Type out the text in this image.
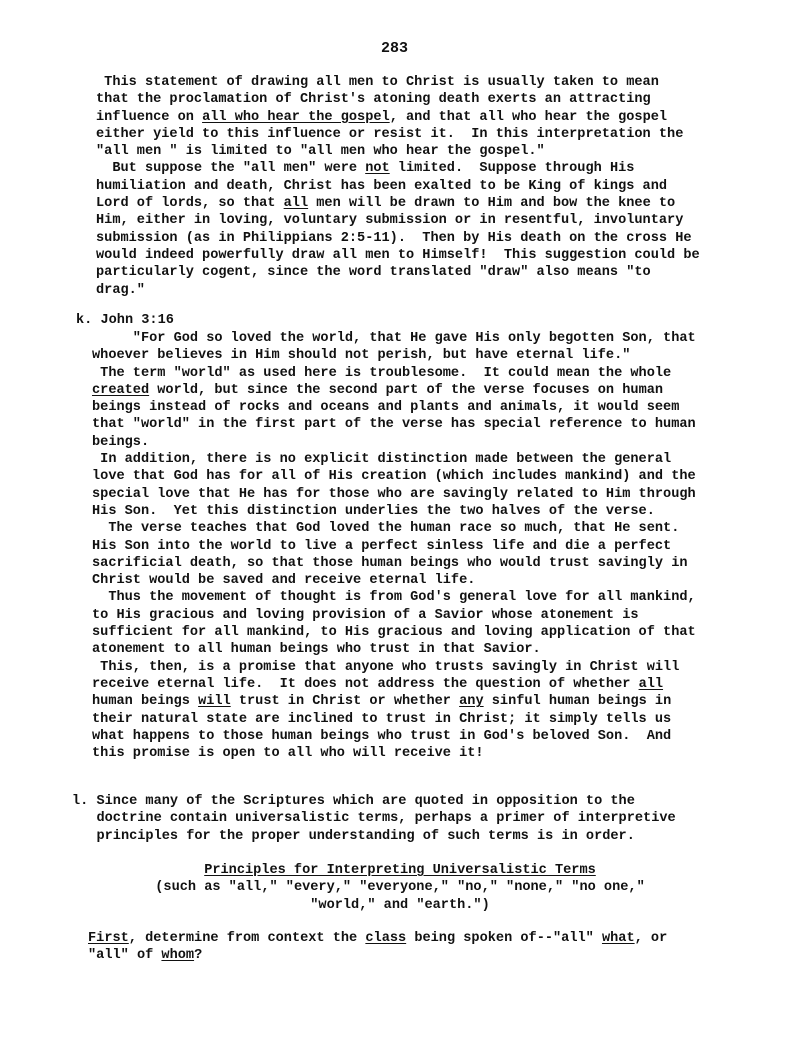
283
This statement of drawing all men to Christ is usually taken to mean
that the proclamation of Christ's atoning death exerts an attracting
influence on all who hear the gospel, and that all who hear the gospel
either yield to this influence or resist it.  In this interpretation the
"all men " is limited to "all men who hear the gospel."
But suppose the "all men" were not limited.  Suppose through His
humiliation and death, Christ has been exalted to be King of kings and
Lord of lords, so that all men will be drawn to Him and bow the knee to
Him, either in loving, voluntary submission or in resentful, involuntary
submission (as in Philippians 2:5-11).  Then by His death on the cross He
would indeed powerfully draw all men to Himself!  This suggestion could be
particularly cogent, since the word translated "draw" also means "to
drag."
k. John 3:16
"For God so loved the world, that He gave His only begotten Son, that
whoever believes in Him should not perish, but have eternal life."
The term "world" as used here is troublesome.  It could mean the whole
created world, but since the second part of the verse focuses on human
beings instead of rocks and oceans and plants and animals, it would seem
that "world" in the first part of the verse has special reference to human
beings.
In addition, there is no explicit distinction made between the general
love that God has for all of His creation (which includes mankind) and the
special love that He has for those who are savingly related to Him through
His Son.  Yet this distinction underlies the two halves of the verse.
The verse teaches that God loved the human race so much, that He sent.
His Son into the world to live a perfect sinless life and die a perfect
sacrificial death, so that those human beings who would trust savingly in
Christ would be saved and receive eternal life.
Thus the movement of thought is from God's general love for all mankind,
to His gracious and loving provision of a Savior whose atonement is
sufficient for all mankind, to His gracious and loving application of that
atonement to all human beings who trust in that Savior.
This, then, is a promise that anyone who trusts savingly in Christ will
receive eternal life.  It does not address the question of whether all
human beings will trust in Christ or whether any sinful human beings in
their natural state are inclined to trust in Christ; it simply tells us
what happens to those human beings who trust in God's beloved Son.  And
this promise is open to all who will receive it!
l. Since many of the Scriptures which are quoted in opposition to the
doctrine contain universalistic terms, perhaps a primer of interpretive
principles for the proper understanding of such terms is in order.
Principles for Interpreting Universalistic Terms
(such as "all," "every," "everyone," "no," "none," "no one,"
"world," and "earth.")
First, determine from context the class being spoken of--"all" what, or
"all" of whom?
